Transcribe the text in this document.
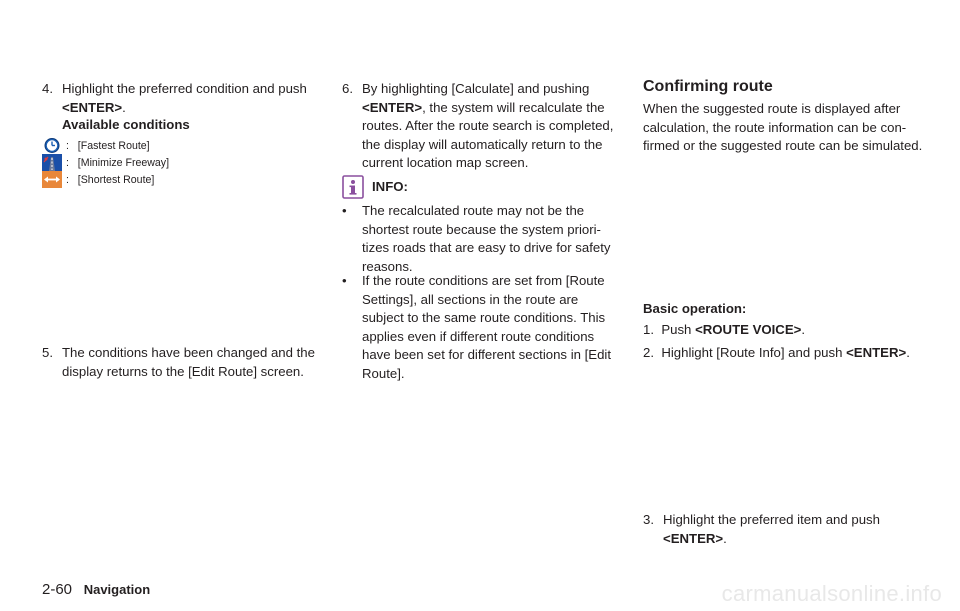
4. Highlight the preferred condition and push
<ENTER>.
Available conditions
: [Fastest Route]
: [Minimize Freeway]
: [Shortest Route]
5. The conditions have been changed and the
display returns to the [Edit Route] screen.
6. By highlighting [Calculate] and pushing
<ENTER>, the system will recalculate the
routes. After the route search is completed,
the display will automatically return to the
current location map screen.
INFO:
• The recalculated route may not be the
shortest route because the system priori-
tizes roads that are easy to drive for safety
reasons.
• If the route conditions are set from [Route
Settings], all sections in the route are
subject to the same route conditions. This
applies even if different route conditions
have been set for different sections in [Edit
Route].
Confirming route
When the suggested route is displayed after
calculation, the route information can be con-
firmed or the suggested route can be simulated.
Basic operation:
1. Push <ROUTE VOICE>.
2. Highlight [Route Info] and push <ENTER>.
3. Highlight the preferred item and push
<ENTER>.
2-60 Navigation	carmanualsonline.info
